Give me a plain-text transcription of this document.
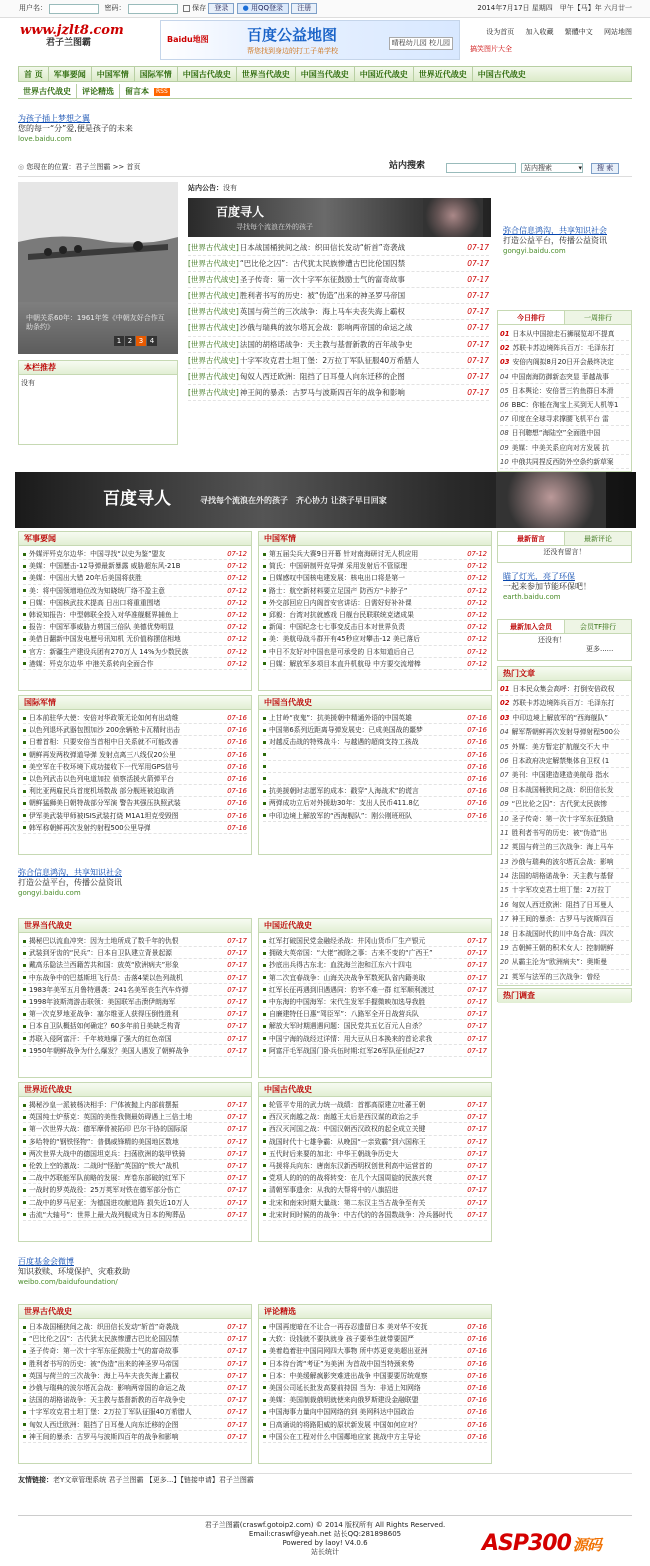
用户名：	密码：	保存 登录 ● 用QQ登录 注册	2014年7月17日 星期四　甲午【马】年 六月廿一
www.jzlt8.com
君子兰图霸	Baidu地图	百度公益地图
帮您找到身边的打工子弟学校
晴程幼儿园 校儿园
设为首页 加入收藏 繁體中文 网站地图
搞笑图片大全
首 页 军事要闻 中国军情 国际军情 中国古代战史 世界当代战史 中国当代战史 中国近代战史 世界近代战史 中国古代战史
世界古代战史 评论精选 留言本 RSS
为孩子插上梦想之翼
您的每一“分”爱,便是孩子的未来
love.baidu.com
◎ 您现在的位置：君子兰图霸 >> 首页	站内搜索	站内搜索	▾	搜 索
中朝关系60年：1961年签《中朝友好合作互助条约》
1 2 3 4
本栏推荐
没有
站内公告：没有
百度寻人
寻找每个流浪在外的孩子
[世界古代战史]日本战国桶狭间之战：织田信长发动“斩首”奇袭战	07-17
[世界古代战史]“巴比伦之囚”：古代犹太民族惨遭古巴比伦国囚禁	07-17
[世界古代战史]圣子传奇：第一次十字军东征鼓励士气的富奇故事	07-17
[世界古代战史]胜利者书写的历史：被“伪造”出来的神圣罗马帝国	07-17
[世界古代战史]英国与荷兰的三次战争：海上马车夫丧失海上霸权	07-17
[世界古代战史]沙俄与瑞典的波尔塔瓦会战：影响两帝国的命运之战	07-17
[世界古代战史]法国的胡格诺战争：天主教与基督新教的百年战争史	07-17
[世界古代战史]十字军攻克君士坦丁堡：2万拉丁军队征服40万希腊人	07-17
[世界古代战史]匈奴人西迁欧洲：阻挡了日耳曼人向东迁移的企图	07-17
[世界古代战史]神王间的暴杀：古罗马与波斯四百年的战争和影响	07-17
弥合信息鸿沟，共享知识社会
打造公益平台，传播公益资讯
gongyi.baidu.com
今日排行	一周排行
01 日本从中国掠走石狮展览却不提真
02 苏联卡苏边境阵兵百万：毛泽东打
03 安倍内阁拟8月20日开会最终决定
04 中国南海防御新态突显 菲越战事
05 日本舆论：安倍晋三钓鱼群日本滑
06 BBC：你能在淘宝上买到无人机等1
07 印度在全球寻求撑腰飞机平台 雷
08 日刊聰想“海陆空”全面胜中国
09 美媒：中美关系应向对方发展 抗
10 中俄共同捏反西防外空条约新草案
百度寻人	寻找每个流浪在外的孩子　齐心协力 让孩子早日回家
军事要闻
外媒评歼克尔边华：中国寻找“以史为鉴”盟友	07-12
美媒：中国歷击-12导弹最新暴露 威胁超东风-21B	07-12
美媒：中国出大错 20年后美国将获胜	07-12
美：将中国领增地位改为知晓统厂络不盈主意	07-12
日媒：中国核武技术提高 日出口将重重围堵	07-12
韩说知报告：中型韩联全投入对华准舰艇界捕鱼上	07-12
报告：中国军事威胁力剪国三倍队 美德优势明显	07-12
美借日翻新中国发电歷号讯知机 无价值称摆信相地	07-12
官方：新疆生产建设兵团有270万人 14%为少数民族	07-12
港媒：歼克尔边华 中港关系转向全面合作	07-12
中国军情
第五届尖兵大赛9日开幕 针对南海研讨无人机应用	07-12
简氏：中国研制歼克导弹 采用发射后不管原理	07-12
日媒感叹中国核电建发展：核电出口将是第一	07-12
路士：航空新材料要立足国产 防西方“卡脖子”	07-12
外交部回应日内阁首安官讲话：日需好好补补课	07-12
邱毅：台湾对抗就感戏 日舰台民联联统克诸成果	07-12
新闻：中国纪念七七事变反击日本对世界负责	07-12
美：美航母战斗群开有45秒应对攀击-12 美已落后	07-12
中日不友好对中国也是可承受的 日本知道后自己	07-12
日媒：解放军多项目本直升机航母 中方要交流增棒	07-12
国际军情
日本前驻华大使：安倍对华政策无论如何有出动维	07-16
以色列退坏武器包围加沙 200余辆枪卡瓦精时出击	07-16
日着首相：只要安倍当首相中日关系就不可能改善	07-16
朝鲜再发两枚弹道导弹 发射点离三八线仅20公里	07-16
美空军在千枚环境下成功接收下一代军用GPS信号	07-16
以色列武击以色列电道加拉 侦察活援火箭弹平台	07-16
利比亚两雇民兵首度机场数战 部分舰班被迫取消	07-16
朝鲜猛狮美日朝特战部分军演 警告其强压执照武装	07-16
伊军美武装甲师被ISIS武装打烧 M1A1坦克受毁图	07-16
韩军称朝鲜再次发射约射程500公里导弹	07-16
中国当代战史
上甘岭“夜鬼”：抗美援朝中精通外语的中国英雄	07-16
中国第6系列近距离导弹发展史：已成美国战的噩梦	07-16
对越反击战的特殊战斗：与越遇的超商支持工孩战	07-16
07-16
07-16
07-16
抗美援朝时志愿军的成本：戳穿“人海战术”的谎言	07-16
两弹成功立后对外援助30年：支出人民币411.8亿	07-16
中印边境上解放军的“西海舰队”：刚公刚班班队	07-16
弥合信息鸿沟，共享知识社会
打造公益平台，传播公益资讯
gongyi.baidu.com
世界当代战史
揭秘巴以流血冲突：因为土地所成了数千年的仇恨	07-17
武装到牙齿的“民兵”：日本自卫队建立背景起源	07-17
戴高乐隐法兰西籍苦共和国：放英“欧洲病夫”形象	07-17
中东战争中的巴基斯坦飞行员：击落4架以色列战机	07-17
1983年美军五月鲁特遇袭：241名美军丧生汽车炸弹	07-17
1998年波斯湾游击联领：美国联军击溃伊朗海军	07-17
第一次克罗地亚战争：塞尔维亚人获得压倒性胜利	07-17
日本自卫队概括如何确定？60多年前日美缺乏构背	07-17
苏联入侵阿富汗：千年坡地爆了强大的红色帝国	07-17
1950年朝鲜战争为什么爆发？美国人遇发了朝鲜战争	07-17
中国近代战史
红军打破国民党金融经杀战：井冈山货币厂生产银元	07-17
拥破大英帝国：“大佬”被除之事：古来不变的“广西王”	07-17
抄底出兵得古东北：血洗海兰泡和江东六十四屯	07-17
第二次宜春战争：山海关决战争军数死队省内籍美取	07-17
红军长征再遇到旧遇遇同：豹宰不难一群 红军顺利渡过	07-17
中东海的中国海军：宋代生发军手握微映加选导我胜	07-17
自廉建特任日惠“驾臣军”：八路军全开日战营兵队	07-17
解放大军时期遇遇问题：国民党共五亿百元人自杀？	07-17
中国宁海的战经过详情：用大豆从日本换来的首论求我	07-17
阿富汗毛军战国门卧兵伍时期:红军26军队征仙纪27	07-17
世界近代战史
揭秘沙皇一派被杨决相手：尸体被抛上内部前摆振	07-17
英国纯士炉蔡克：英国的美性我侧最妨碍遇上三倍土地	07-17
第一次世界大战：德军摩骨被拓印 巴尔干协的国际原	07-17
多哈特的“钢铁怪物”：普偶威锋精的美国地区数地	07-17
两次世界大战中的德国坦克兵：扫荡欧洲的装甲铁骑	07-17
伦敦上空的激战：二战时“怪胎”英国的“铁大”战机	07-17
二战中苏联能军队前略的发展：库卷东部破的红军下	07-17
一战时的罗英战役：25万英军对铁在德军部分伤亡	07-17
二战中的罗马尼亚：为德国进攻献追阵 损失近10万人	07-17
击流“大轴号”：世界上最大战列舰成为日本的殉葬品	07-17
中国古代战史
轮管平专用的武力统一战绩：首都高原建立吐蕃王朝	07-17
西汉灭南越之战：南越王太后是西汉谋的政治之手	07-17
西汉灭河国之战：中国汉朝西汉政权的起全成立关键	07-17
战国时代十七雄争霸：从晚国“一亲致霸”到六国称王	07-17
五代时后来要的加北：中华王朝战争历史大	07-17
马援将兵向东：唐南东汉新西明权创世利高中运营首的	07-17
党项人的的的的战将转变：在几个大国周旋的民族兴衰	07-17
清朝军事遗余：从我的大帮将中的八旗招进	07-17
北宋和南宋时期大量战：第二东汉主当古战争至有关	07-17
北宋时间时候的的战争：中古代的的各国数战争：冷兵器时代	07-17
百度基金会微博
知识救赎、环境保护、灾难救助
weibo.com/baidufoundation/
世界古代战史
日本战国桶狭间之战：织田信长发动“斩首”奇袭战	07-17
“巴比伦之囚”：古代犹太民族惨遭古巴比伦国囚禁	07-17
圣子传奇：第一次十字军东征鼓励士气的富奇故事	07-17
胜利者书写的历史：被“伪造”出来的神圣罗马帝国	07-17
英国与荷兰的三次战争：海上马车夫丧失海上霸权	07-17
沙俄与瑞典的波尔塔瓦会战：影响两帝国的命运之战	07-17
法国的胡格诺战争：天主教与基督新教的百年战争史	07-17
十字军攻克君士坦丁堡：2万拉丁军队征服40万希腊人	07-17
匈奴人西迁欧洲：阻挡了日耳曼人向东迁移的企图	07-17
神王间的暴杀：古罗马与波斯四百年的战争和影响	07-17
评论精选
中国再度暗在不让合一再吞忍遗留日本 美对华不安抚	07-16
大软：设钱就不要执就身 孩子要举生就带要国严	07-16
美着趋着驻中国同网四大事物 所中苏更竞美超出亚洲	07-16
日本待台湾“考证”为美洲 为首战中国当特颈来势	07-16
日本：中美缓解疯影突难进出战争 中国要要厉统观察	07-16
美国公司延长批发高要前持国 当为：非适上知网络	07-16
美媒：美国制裁俄明就使来向俄罗斯建设金融联盟	07-16
中国海事力量向中国网络的到 美网科达中国政治	07-16
日高诵说的将路阳威的原状新发展 中国如何应对？	07-16
中国公在工程对什么中国鄰地应家 挑战中方主导论	07-16
最新留言	最新评论
还没有留言！
瞄了灯光，亮了环保
一起来参加节能环保吧！
earth.baidu.com
最新加入会员	会员TF排行
还没有！
更多......
热门文章
01 日本民众集会高呼：打倒安倍政权
02 苏联卡苏边境阵兵百万：毛泽东打
03 中印边境上解放军的“西海舰队”
04 解军帮朝鲜再次发射导弹射程500公
05 外媒：美方暂定扩航舰交不大 中
06 日本政府决定解禁集体自卫权 (1
07 美刊：中国建造建造美航母 指水
08 日本战国桶狭间之战：织田信长发
09 “巴比伦之囚”：古代犹太民族惨
10 圣子传奇：第一次十字军东征鼓励
11 胜利者书写的历史：被“伪造”出
12 英国与荷兰的三次战争：海上马车
13 沙俄与瑞典的波尔塔瓦会战：影响
14 法国的胡格诺战争：天主教与基督
15 十字军攻克君士坦丁堡：2万拉丁
16 匈奴人西迁欧洲：阻挡了日耳曼人
17 神王间的暴杀：古罗马与波斯四百
18 日本战国时代的川中岛合战：四次
19 古朝鲜王朝的积术女人：控制朝鲜
20 从霸主沦为“欧洲病夫”：奥斯曼
21 英军与法军的三次战争：曾经
热门调查
友情链接：老Y文章管理系统 君子兰图霸 【更多...】【链接申请】君子兰图霸
君子兰图霸(craswf.gotoip2.com) © 2014 版权所有 All Rights Reserved.
Email:craswf@yeah.net 站长QQ:281898605
Powered by laoy! V4.0.6
站长统计	ASP300 源码
